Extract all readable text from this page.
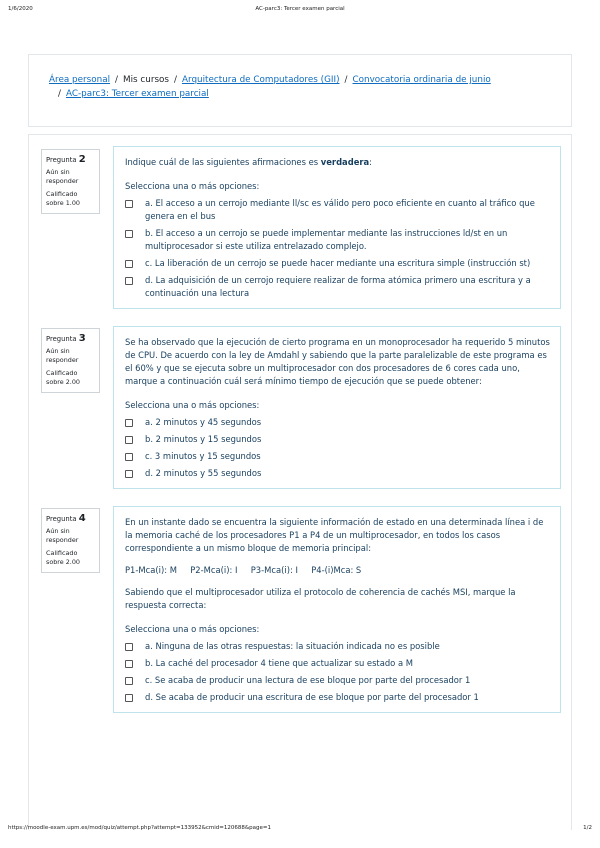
1/6/2020	AC-parc3: Tercer examen parcial
Área personal / Mis cursos / Arquitectura de Computadores (GII) / Convocatoria ordinaria de junio
/ AC-parc3: Tercer examen parcial
Pregunta 2
Aún sin responder
Calificado sobre 1.00

Indique cuál de las siguientes afirmaciones es verdadera:

Selecciona una o más opciones:

a. El acceso a un cerrojo mediante ll/sc es válido pero poco eficiente en cuanto al tráfico que genera en el bus
b. El acceso a un cerrojo se puede implementar mediante las instrucciones ld/st en un multiprocesador si este utiliza entrelazado complejo.
c. La liberación de un cerrojo se puede hacer mediante una escritura simple (instrucción st)
d. La adquisición de un cerrojo requiere realizar de forma atómica primero una escritura y a continuación una lectura
Pregunta 3
Aún sin responder
Calificado sobre 2.00

Se ha observado que la ejecución de cierto programa en un monoprocesador ha requerido 5 minutos de CPU. De acuerdo con la ley de Amdahl y sabiendo que la parte paralelizable de este programa es el 60% y que se ejecuta sobre un multiprocesador con dos procesadores de 6 cores cada uno, marque a continuación cuál será mínimo tiempo de ejecución que se puede obtener:

Selecciona una o más opciones:

a. 2 minutos y 45 segundos
b. 2 minutos y 15 segundos
c. 3 minutos y 15 segundos
d. 2 minutos y 55 segundos
Pregunta 4
Aún sin responder
Calificado sobre 2.00

En un instante dado se encuentra la siguiente información de estado en una determinada línea i de la memoria caché de los procesadores P1 a P4 de un multiprocesador, en todos los casos correspondiente a un mismo bloque de memoria principal:

P1-Mca(i): M     P2-Mca(i): I     P3-Mca(i): I     P4-(i)Mca: S

Sabiendo que el multiprocesador utiliza el protocolo de coherencia de cachés MSI, marque la respuesta correcta:

Selecciona una o más opciones:

a. Ninguna de las otras respuestas: la situación indicada no es posible
b. La caché del procesador 4 tiene que actualizar su estado a M
c. Se acaba de producir una lectura de ese bloque por parte del procesador 1
d. Se acaba de producir una escritura de ese bloque por parte del procesador 1
https://moodle-exam.upm.es/mod/quiz/attempt.php?attempt=133952&cmid=120688&page=1	1/2
